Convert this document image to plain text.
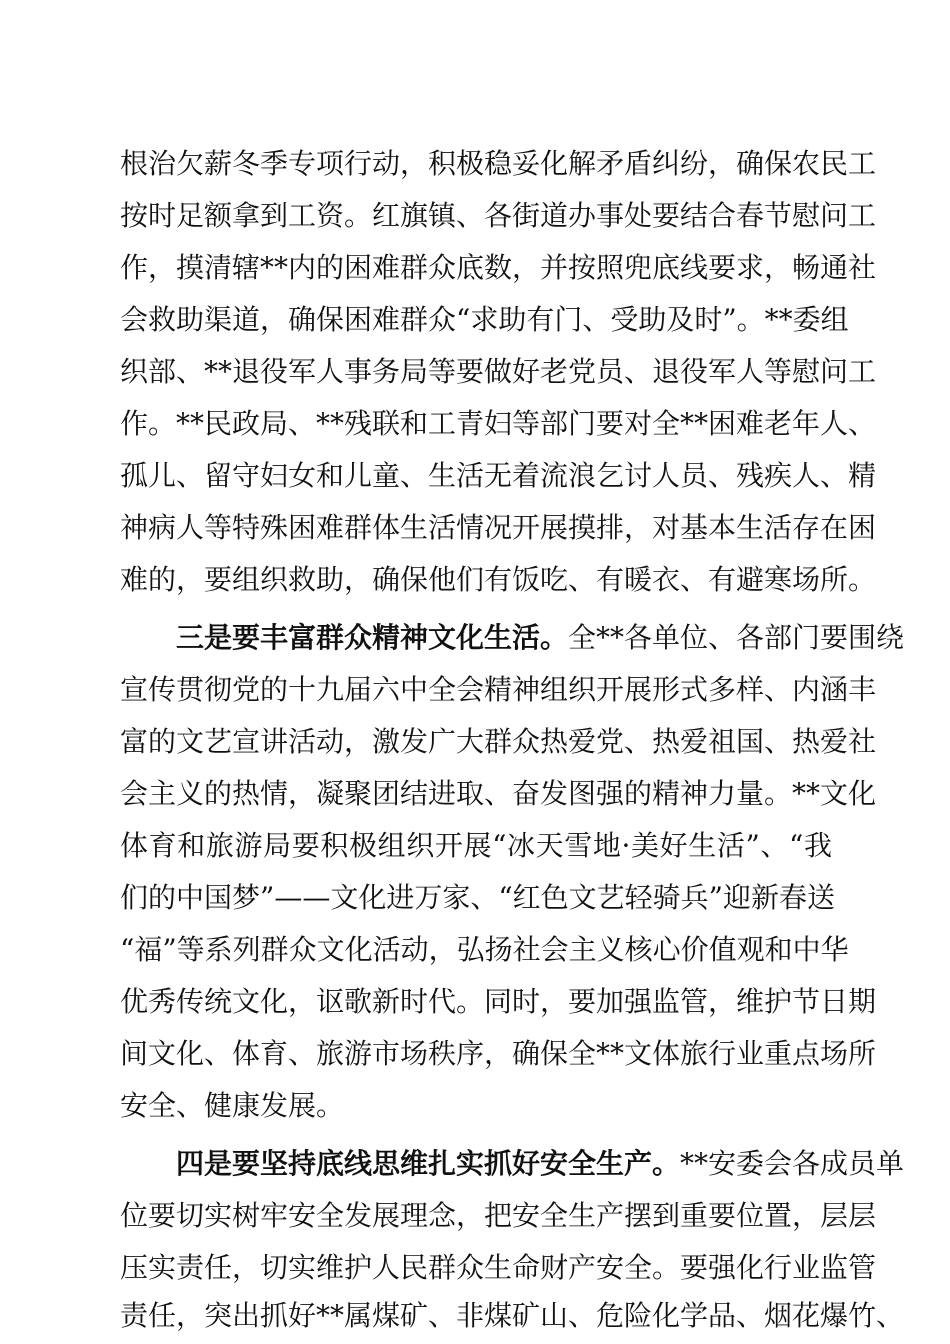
根治欠薪冬季专项行动，积极稳妥化解矛盾纠纷，确保农民工

按时足额拿到工资。红旗镇、各街道办事处要结合春节慰问工

作，摸清辖**内的困难群众底数，并按照兜底线要求，畅通社

会救助渠道，确保困难群众“求助有门、受助及时”。**委组

织部、**退役军人事务局等要做好老党员、退役军人等慰问工

作。**民政局、**残联和工青妇等部门要对全**困难老年人、

孤儿、留守妇女和儿童、生活无着流浪乞讨人员、残疾人、精

神病人等特殊困难群体生活情况开展摸排，对基本生活存在困

难的，要组织救助，确保他们有饭吃、有暖衣、有避寒场所。

三是要丰富群众精神文化生活。全**各单位、各部门要围绕

宣传贯彻党的十九届六中全会精神组织开展形式多样、内涵丰

富的文艺宣讲活动，激发广大群众热爱党、热爱祖国、热爱社

会主义的热情，凝聚团结进取、奋发图强的精神力量。**文化

体育和旅游局要积极组织开展“冰天雪地·美好生活”、“我

们的中国梦”——文化进万家、“红色文艺轻骑兵”迎新春送

“福”等系列群众文化活动，弘扬社会主义核心价值观和中华

优秀传统文化，讴歌新时代。同时，要加强监管，维护节日期

间文化、体育、旅游市场秩序，确保全**文体旅行业重点场所

安全、健康发展。

四是要坚持底线思维扎实抓好安全生产。**安委会各成员单

位要切实树牢安全发展理念，把安全生产摆到重要位置，层层

压实责任，切实维护人民群众生命财产安全。要强化行业监管

责任，突出抓好**属煤矿、非煤矿山、危险化学品、烟花爆竹、
